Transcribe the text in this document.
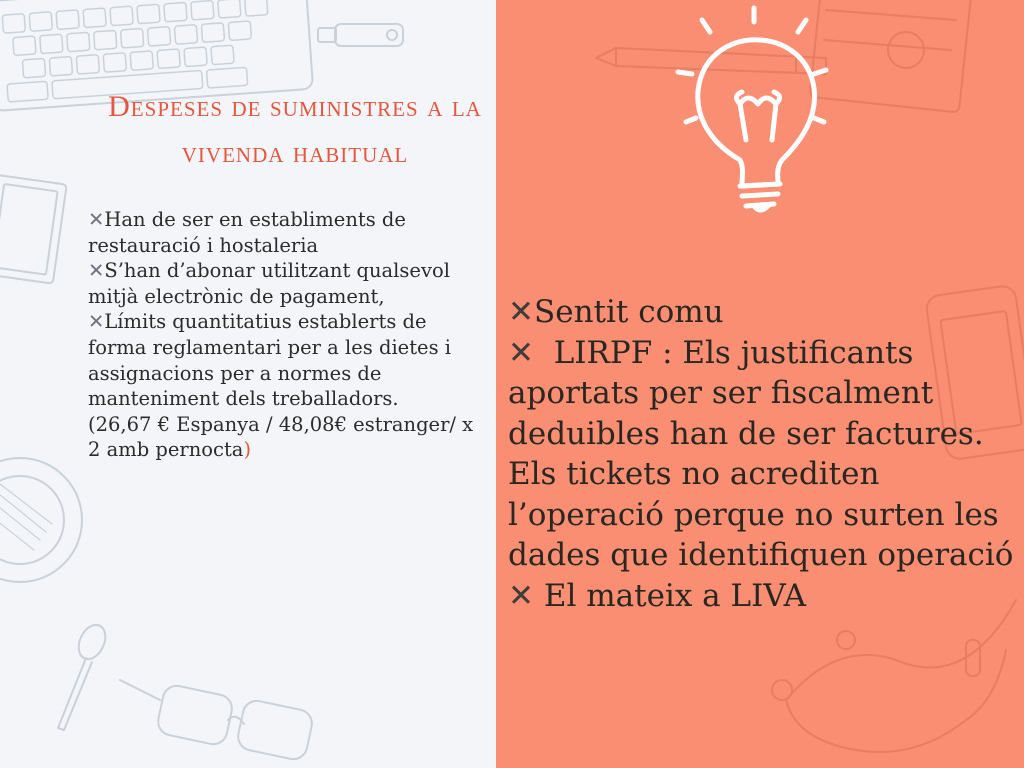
Despeses de suministres a la vivenda habitual

✕Han de ser en establiments de restauració i hostaleria

✕S’han d’abonar utilitzant qualsevol mitjà electrònic de pagament,

✕Límits quantitatius establerts de forma reglamentari per a les dietes i assignacions per a normes de manteniment dels treballadors.

(26,67 € Espanya / 48,08€ estranger/ x 2 amb pernocta)

✕Sentit comu

✕  LIRPF : Els justificants aportats per ser fiscalment deduibles han de ser factures. Els tickets no acrediten l’operació perque no surten les dades que identifiquen operació

✕ El mateix a LIVA
